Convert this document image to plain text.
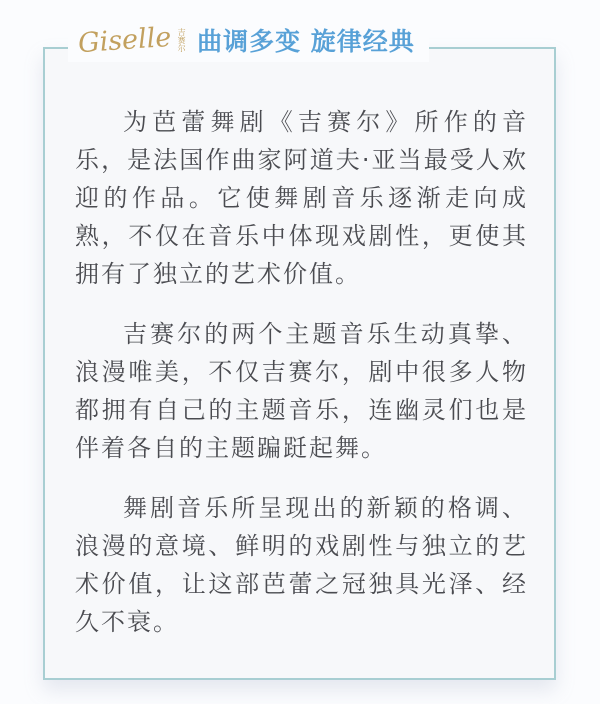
为芭蕾舞剧《吉赛尔》所作的音乐，是法国作曲家阿道夫·亚当最受人欢迎的作品。它使舞剧音乐逐渐走向成熟，不仅在音乐中体现戏剧性，更使其拥有了独立的艺术价值。

吉赛尔的两个主题音乐生动真挚、浪漫唯美，不仅吉赛尔，剧中很多人物都拥有自己的主题音乐，连幽灵们也是伴着各自的主题蹁跹起舞。

舞剧音乐所呈现出的新颖的格调、浪漫的意境、鲜明的戏剧性与独立的艺术价值，让这部芭蕾之冠独具光泽、经久不衰。

Giselle 吉赛尔 曲调多变 旋律经典
